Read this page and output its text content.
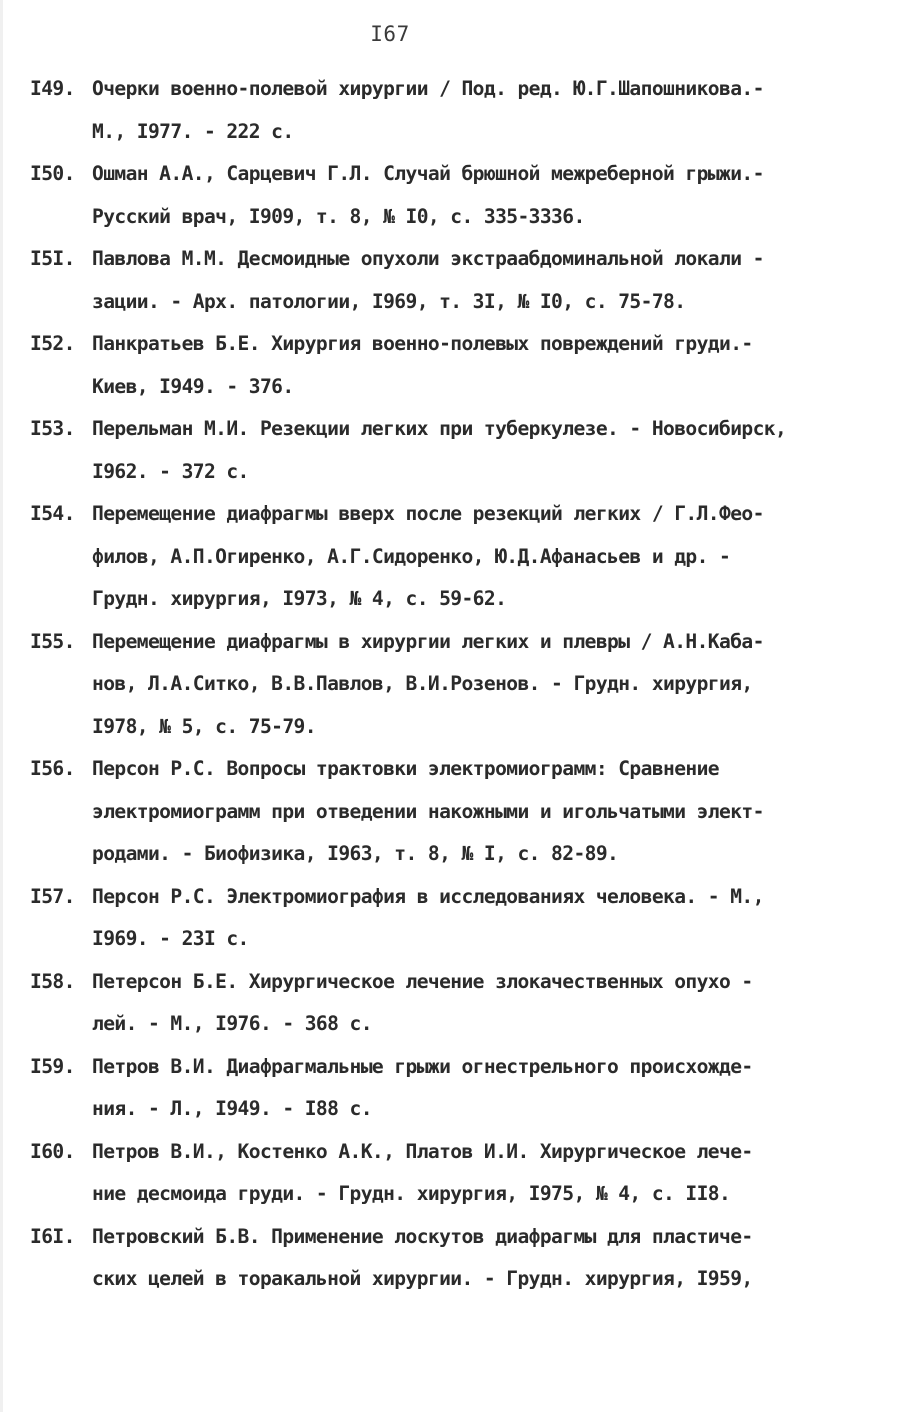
I67
I49. Очерки военно-полевой хирургии / Под. ред. Ю.Г.Шапошникова.-
М., I977. - 222 с.
I50. Ошман А.А., Сарцевич Г.Л. Случай брюшной межреберной грыжи.-
Русский врач, I909, т. 8, № I0, с. 335-3336.
I5I. Павлова М.М. Десмоидные опухоли экстраабдоминальной локали -
зации. - Арх. патологии, I969, т. 3I, № I0, с. 75-78.
I52. Панкратьев Б.Е. Хирургия военно-полевых повреждений груди.-
Киев, I949. - 376.
I53. Перельман М.И. Резекции легких при туберкулезе. - Новосибирск,
I962. - 372 с.
I54. Перемещение диафрагмы вверх после резекций легких / Г.Л.Фео-
филов, А.П.Огиренко, А.Г.Сидоренко, Ю.Д.Афанасьев и др. -
Грудн. хирургия, I973, № 4, с. 59-62.
I55. Перемещение диафрагмы в хирургии легких и плевры / А.Н.Каба-
нов, Л.А.Ситко, В.В.Павлов, В.И.Розенов. - Грудн. хирургия,
I978, № 5, с. 75-79.
I56. Персон Р.С. Вопросы трактовки электромиограмм: Сравнение
электромиограмм при отведении накожными и игольчатыми элект-
родами. - Биофизика, I963, т. 8, № I, с. 82-89.
I57. Персон Р.С. Электромиография в исследованиях человека. - М.,
I969. - 23I с.
I58. Петерсон Б.Е. Хирургическое лечение злокачественных опухо -
лей. - М., I976. - 368 с.
I59. Петров В.И. Диафрагмальные грыжи огнестрельного происхожде-
ния. - Л., I949. - I88 с.
I60. Петров В.И., Костенко А.К., Платов И.И. Хирургическое лече-
ние десмоида груди. - Грудн. хирургия, I975, № 4, с. II8.
I6I. Петровский Б.В. Применение лоскутов диафрагмы для пластиче-
ских целей в торакальной хирургии. - Грудн. хирургия, I959,
